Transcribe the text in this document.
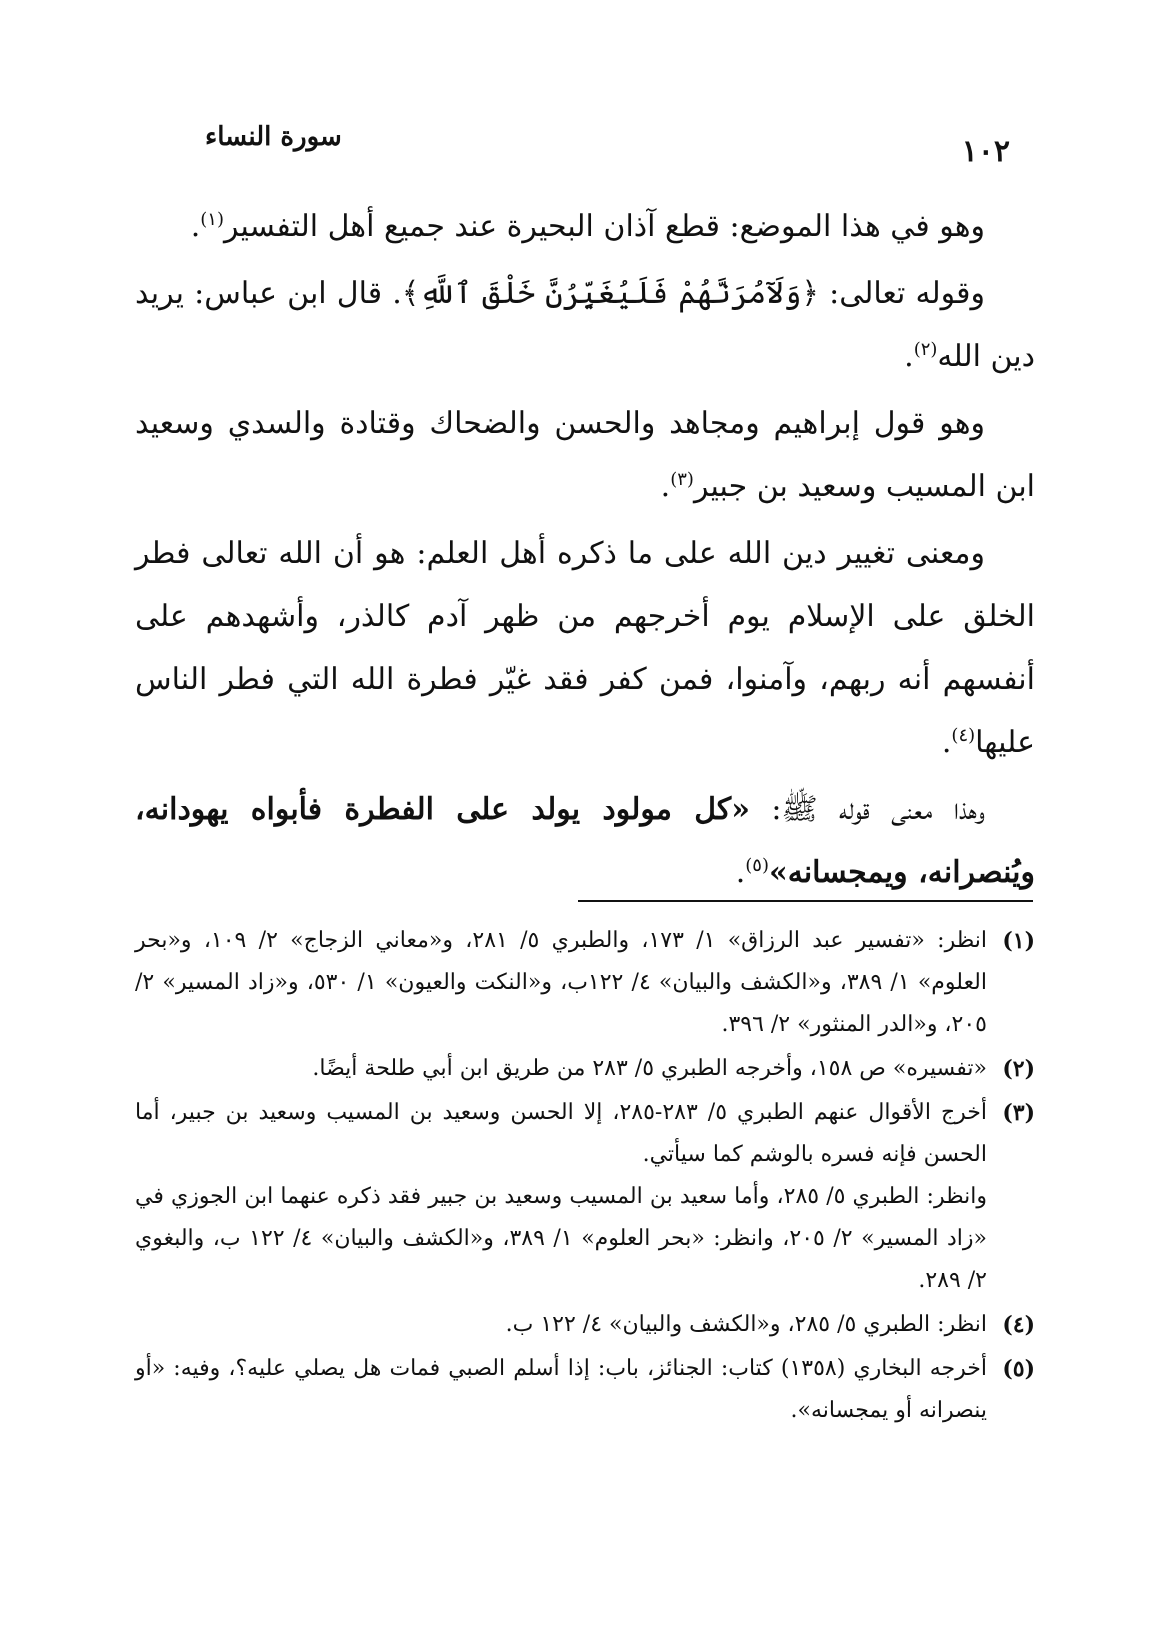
١٠٢
سورة النساء

وهو في هذا الموضع: قطع آذان البحيرة عند جميع أهل التفسير$^{(١)}$.

وقوله تعالى: ﴿وَلَآمُرَنَّهُمْ فَلَيُغَيِّرُنَّ خَلْقَ ٱللَّهِ﴾. قال ابن عباس: يريد دين الله$^{(٢)}$.

وهو قول إبراهيم ومجاهد والحسن والضحاك وقتادة والسدي وسعيد ابن المسيب وسعيد بن جبير$^{(٣)}$.

ومعنى تغيير دين الله على ما ذكره أهل العلم: هو أن الله تعالى فطر الخلق على الإسلام يوم أخرجهم من ظهر آدم كالذر، وأشهدهم على أنفسهم أنه ربهم، وآمنوا، فمن كفر فقد غيّر فطرة الله التي فطر الناس عليها$^{(٤)}$.

وهذا معنى قوله ﷺ: «كل مولود يولد على الفطرة فأبواه يهودانه، ويُنصرانه، ويمجسانه»$^{(٥)}$.

(١)
انظر: «تفسير عبد الرزاق» ١/ ١٧٣، والطبري ٥/ ٢٨١، و«معاني الزجاج» ٢/ ١٠٩، و«بحر العلوم» ١/ ٣٨٩، و«الكشف والبيان» ٤/ ١٢٢ب، و«النكت والعيون» ١/ ٥٣٠، و«زاد المسير» ٢/ ٢٠٥، و«الدر المنثور» ٢/ ٣٩٦.
(٢)
«تفسيره» ص ١٥٨، وأخرجه الطبري ٥/ ٢٨٣ من طريق ابن أبي طلحة أيضًا.
(٣)
أخرج الأقوال عنهم الطبري ٥/ ٢٨٣-٢٨٥، إلا الحسن وسعيد بن المسيب وسعيد بن جبير، أما الحسن فإنه فسره بالوشم كما سيأتي.
وانظر: الطبري ٥/ ٢٨٥، وأما سعيد بن المسيب وسعيد بن جبير فقد ذكره عنهما ابن الجوزي في «زاد المسير» ٢/ ٢٠٥، وانظر: «بحر العلوم» ١/ ٣٨٩، و«الكشف والبيان» ٤/ ١٢٢ ب، والبغوي ٢/ ٢٨٩.
(٤)
انظر: الطبري ٥/ ٢٨٥، و«الكشف والبيان» ٤/ ١٢٢ ب.
(٥)
أخرجه البخاري (١٣٥٨) كتاب: الجنائز، باب: إذا أسلم الصبي فمات هل يصلي عليه؟، وفيه: «أو ينصرانه أو يمجسانه».
